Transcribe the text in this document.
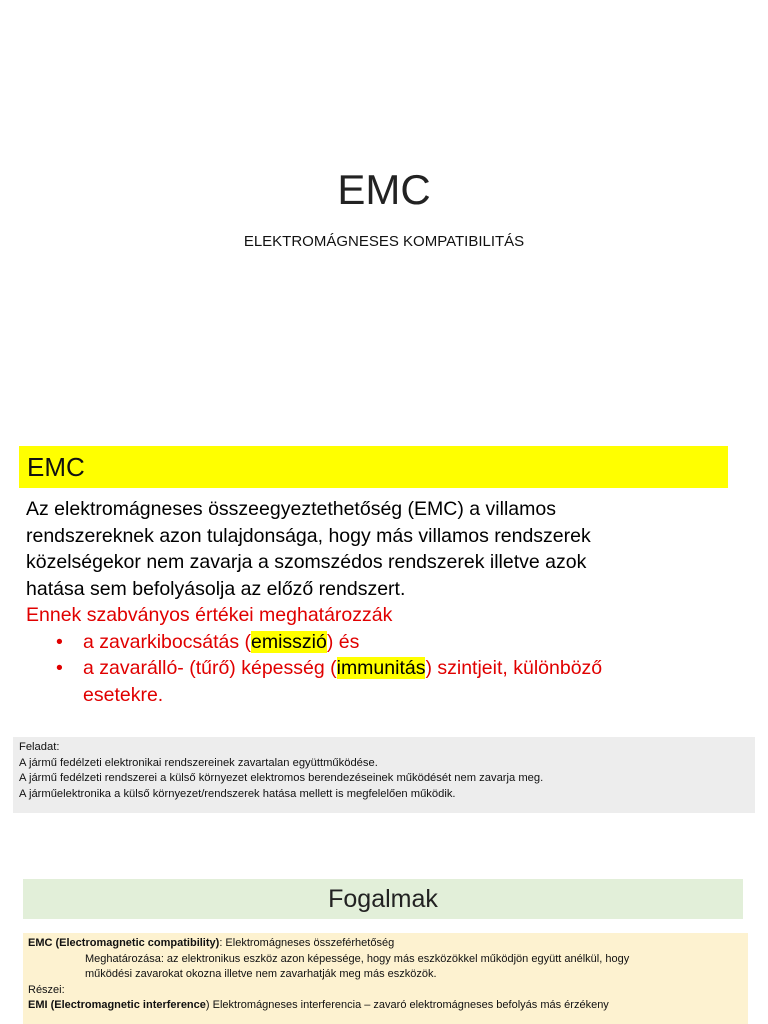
EMC
ELEKTROMÁGNESES KOMPATIBILITÁS
EMC

Az elektromágneses összeegyeztethetőség (EMC) a villamos
rendszereknek azon tulajdonsága, hogy más villamos rendszerek
közelségekor nem zavarja a szomszédos rendszerek illetve azok
hatása sem befolyásolja az előző rendszert.

Ennek szabványos értékei meghatározzák
• a zavarkibocsátás (emisszió) és
• a zavarálló- (tűrő) képesség (immunitás) szintjeit, különböző
esetekre.
Feladat:
A jármű fedélzeti elektronikai rendszereinek zavartalan együttműködése.
A jármű fedélzeti rendszerei a külső környezet elektromos berendezéseinek működését nem zavarja meg.
A járműelektronika a külső környezet/rendszerek hatása mellett is megfelelően működik.
Fogalmak
EMC (Electromagnetic compatibility): Elektromágneses összeférhetőség
Meghatározása: az elektronikus eszköz azon képessége, hogy más eszközökkel működjön együtt anélkül, hogy
működési zavarokat okozna illetve nem zavarhatják meg más eszközök.
Részei:
EMI (Electromagnetic interference) Elektromágneses interferencia – zavaró elektromágneses befolyás más érzékeny
